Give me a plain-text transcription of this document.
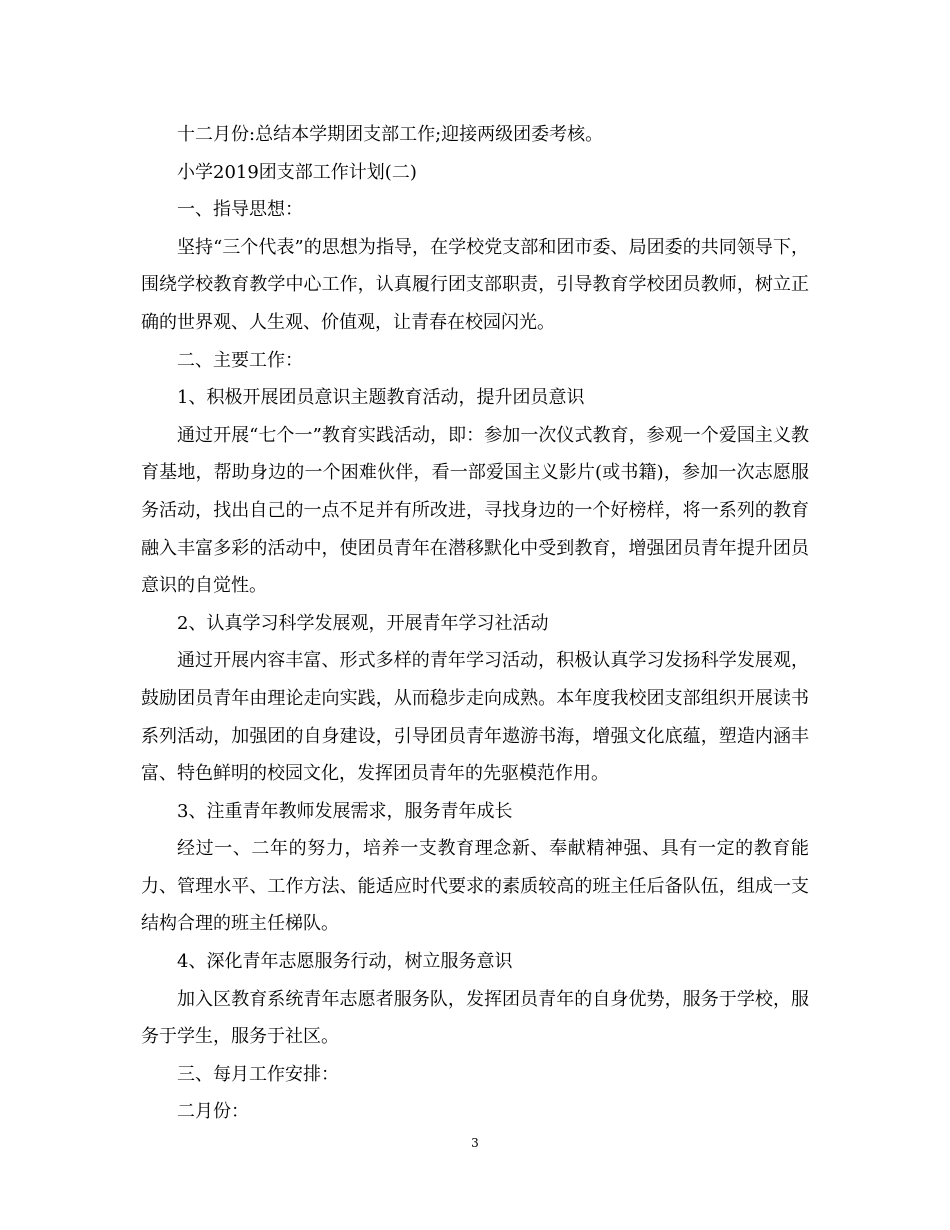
十二月份:总结本学期团支部工作;迎接两级团委考核。

小学2019团支部工作计划(二)

一、指导思想：

坚持“三个代表”的思想为指导，在学校党支部和团市委、局团委的共同领导下，围绕学校教育教学中心工作，认真履行团支部职责，引导教育学校团员教师，树立正确的世界观、人生观、价值观，让青春在校园闪光。

二、主要工作：

1、积极开展团员意识主题教育活动，提升团员意识

通过开展“七个一”教育实践活动，即：参加一次仪式教育，参观一个爱国主义教育基地，帮助身边的一个困难伙伴，看一部爱国主义影片(或书籍)，参加一次志愿服务活动，找出自己的一点不足并有所改进，寻找身边的一个好榜样，将一系列的教育融入丰富多彩的活动中，使团员青年在潜移默化中受到教育，增强团员青年提升团员意识的自觉性。

2、认真学习科学发展观，开展青年学习社活动

通过开展内容丰富、形式多样的青年学习活动，积极认真学习发扬科学发展观，鼓励团员青年由理论走向实践，从而稳步走向成熟。本年度我校团支部组织开展读书系列活动，加强团的自身建设，引导团员青年遨游书海，增强文化底蕴，塑造内涵丰富、特色鲜明的校园文化，发挥团员青年的先驱模范作用。

3、注重青年教师发展需求，服务青年成长

经过一、二年的努力，培养一支教育理念新、奉献精神强、具有一定的教育能力、管理水平、工作方法、能适应时代要求的素质较高的班主任后备队伍，组成一支结构合理的班主任梯队。

4、深化青年志愿服务行动，树立服务意识

加入区教育系统青年志愿者服务队，发挥团员青年的自身优势，服务于学校，服务于学生，服务于社区。

三、每月工作安排：

二月份：

3
